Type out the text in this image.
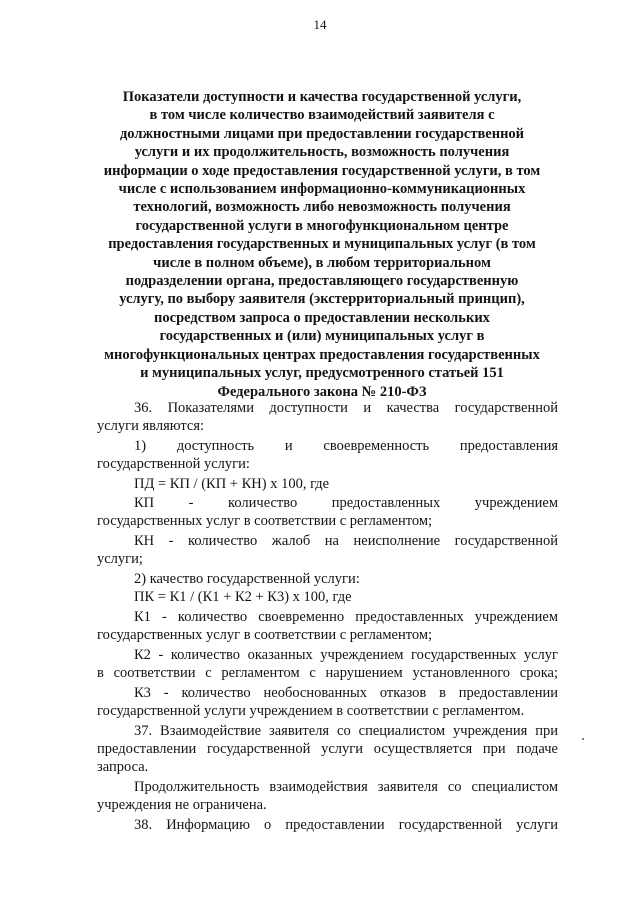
14
Показатели доступности и качества государственной услуги,
в том числе количество взаимодействий заявителя с
должностными лицами при предоставлении государственной
услуги и их продолжительность, возможность получения
информации о ходе предоставления государственной услуги, в том
числе с использованием информационно-коммуникационных
технологий, возможность либо невозможность получения
государственной услуги в многофункциональном центре
предоставления государственных и муниципальных услуг (в том
числе в полном объеме), в любом территориальном
подразделении органа, предоставляющего государственную
услугу, по выбору заявителя (экстерриториальный принцип),
посредством запроса о предоставлении нескольких
государственных и (или) муниципальных услуг в
многофункциональных центрах предоставления государственных
и муниципальных услуг, предусмотренного статьей 151
Федерального закона № 210-ФЗ
36. Показателями доступности и качества государственной
услуги являются:
1) доступность и своевременность предоставления
государственной услуги:
ПД = КП / (КП + КН) х 100, где
КП - количество предоставленных учреждением
государственных услуг в соответствии с регламентом;
КН - количество жалоб на неисполнение государственной
услуги;
2) качество государственной услуги:
ПК = К1 / (К1 + К2 + К3) х 100, где
К1 - количество своевременно предоставленных учреждением
государственных услуг в соответствии с регламентом;
К2 - количество оказанных учреждением государственных услуг
в соответствии с регламентом с нарушением установленного срока;
К3 - количество необоснованных отказов в предоставлении
государственной услуги учреждением в соответствии с регламентом.
37. Взаимодействие заявителя со специалистом учреждения при
предоставлении государственной услуги осуществляется при подаче
запроса.
Продолжительность взаимодействия заявителя со специалистом
учреждения не ограничена.
38. Информацию о предоставлении государственной услуги
